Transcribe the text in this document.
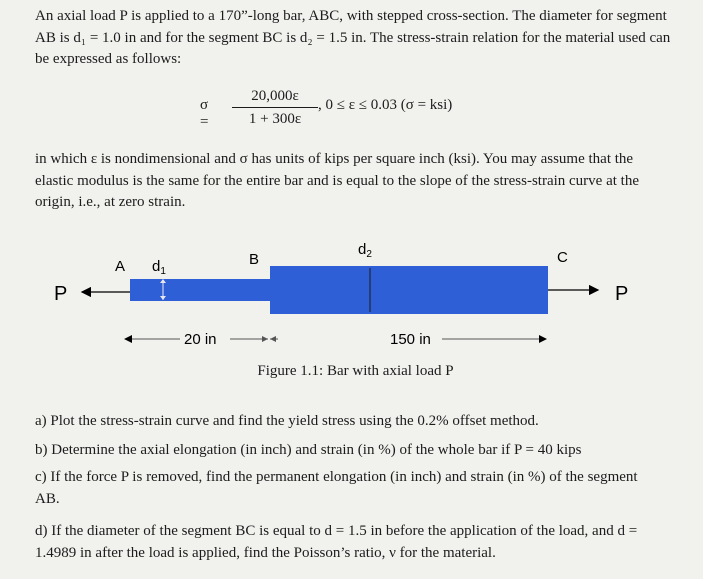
An axial load P is applied to a 170”-long bar, ABC, with stepped cross-section. The diameter for segment AB is d₁ = 1.0 in and for the segment BC is d₂ = 1.5 in. The stress-strain relation for the material used can be expressed as follows:

σ =
20,000ε
1 + 300ε
, 0 ≤ ε ≤ 0.03 (σ = ksi)

in which ε is nondimensional and σ has units of kips per square inch (ksi). You may assume that the elastic modulus is the same for the entire bar and is equal to the slope of the stress-strain curve at the origin, i.e., at zero strain.

P	P
A $d_1$
B
$d_2$	C
20 in	150 in
Figure 1.1: Bar with axial load P

a) Plot the stress-strain curve and find the yield stress using the 0.2% offset method.

b) Determine the axial elongation (in inch) and strain (in %) of the whole bar if P = 40 kips

c) If the force P is removed, find the permanent elongation (in inch) and strain (in %) of the segment AB.

d) If the diameter of the segment BC is equal to d = 1.5 in before the application of the load, and d = 1.4989 in after the load is applied, find the Poisson’s ratio, ν for the material.
